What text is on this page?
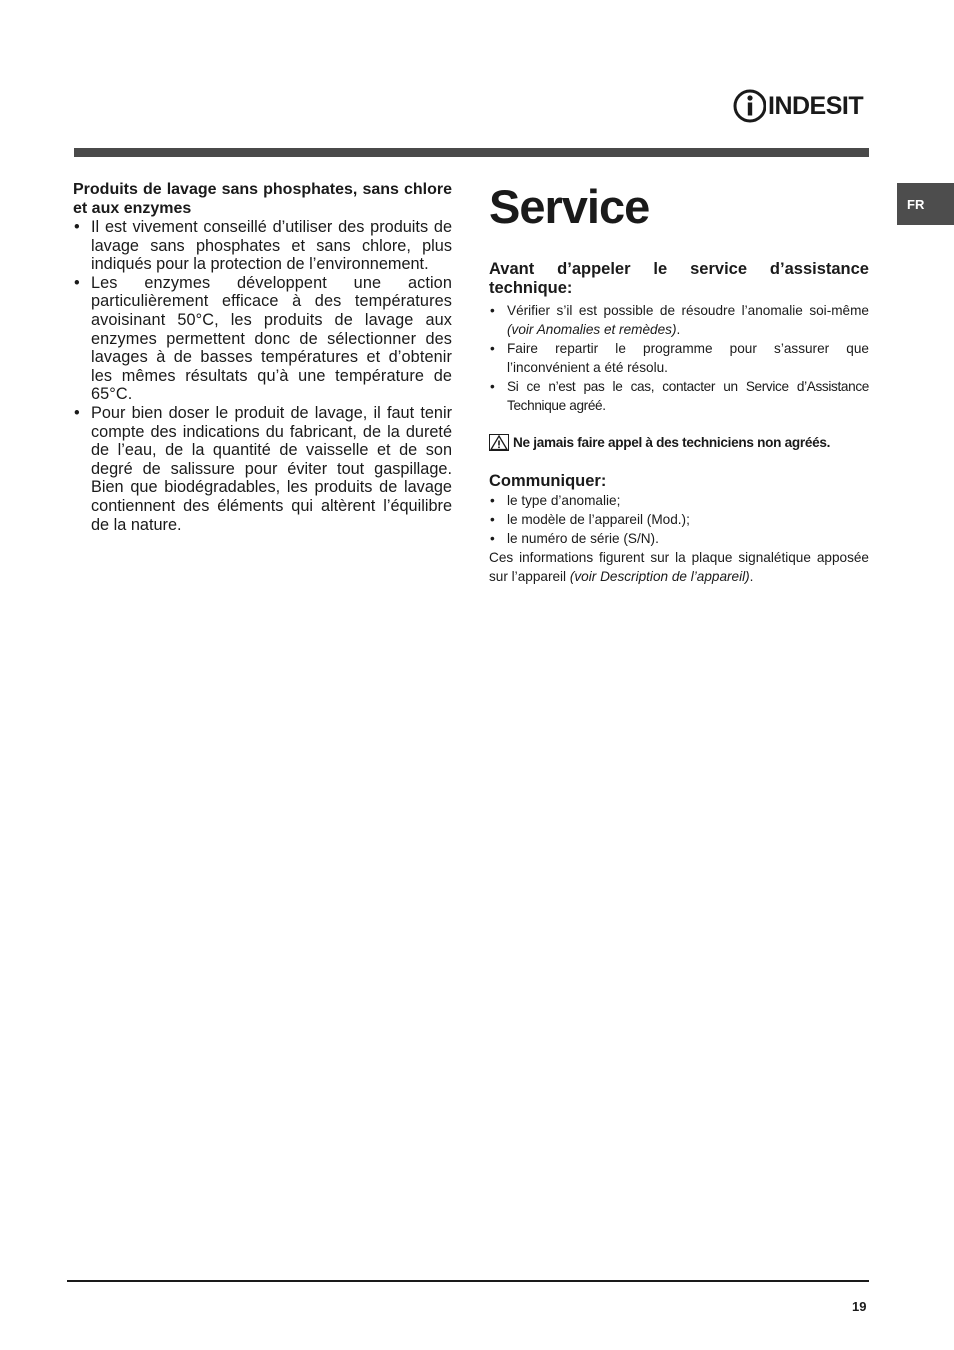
INDESIT
FR
Produits de lavage sans phosphates, sans chlore et aux enzymes
• Il est vivement conseillé d’utiliser des produits de lavage sans phosphates et sans chlore, plus indiqués pour la protection de l’environnement.
• Les enzymes développent une action particulièrement efficace à des températures avoisinant 50°C, les produits de lavage aux enzymes permettent donc de sélectionner des lavages à de basses températures et d’obtenir les mêmes résultats qu’à une température de 65°C.
• Pour bien doser le produit de lavage, il faut tenir compte des indications du fabricant, de la dureté de l’eau, de la quantité de vaisselle et de son degré de salissure pour éviter tout gaspillage. Bien que biodégradables, les produits de lavage contiennent des éléments qui altèrent l’équilibre de la nature.
Service
Avant d’appeler le service d’assistance technique:
• Vérifier s’il est possible de résoudre l’anomalie soi-même (voir Anomalies et remèdes).
• Faire repartir le programme pour s’assurer que l’inconvénient a été résolu.
• Si ce n’est pas le cas, contacter un Service d’Assistance Technique agréé.
Ne jamais faire appel à des techniciens non agréés.
Communiquer:
• le type d’anomalie;
• le modèle de l’appareil (Mod.);
• le numéro de série (S/N).

Ces informations figurent sur la plaque signalétique apposée sur l’appareil (voir Description de l’appareil).

19
